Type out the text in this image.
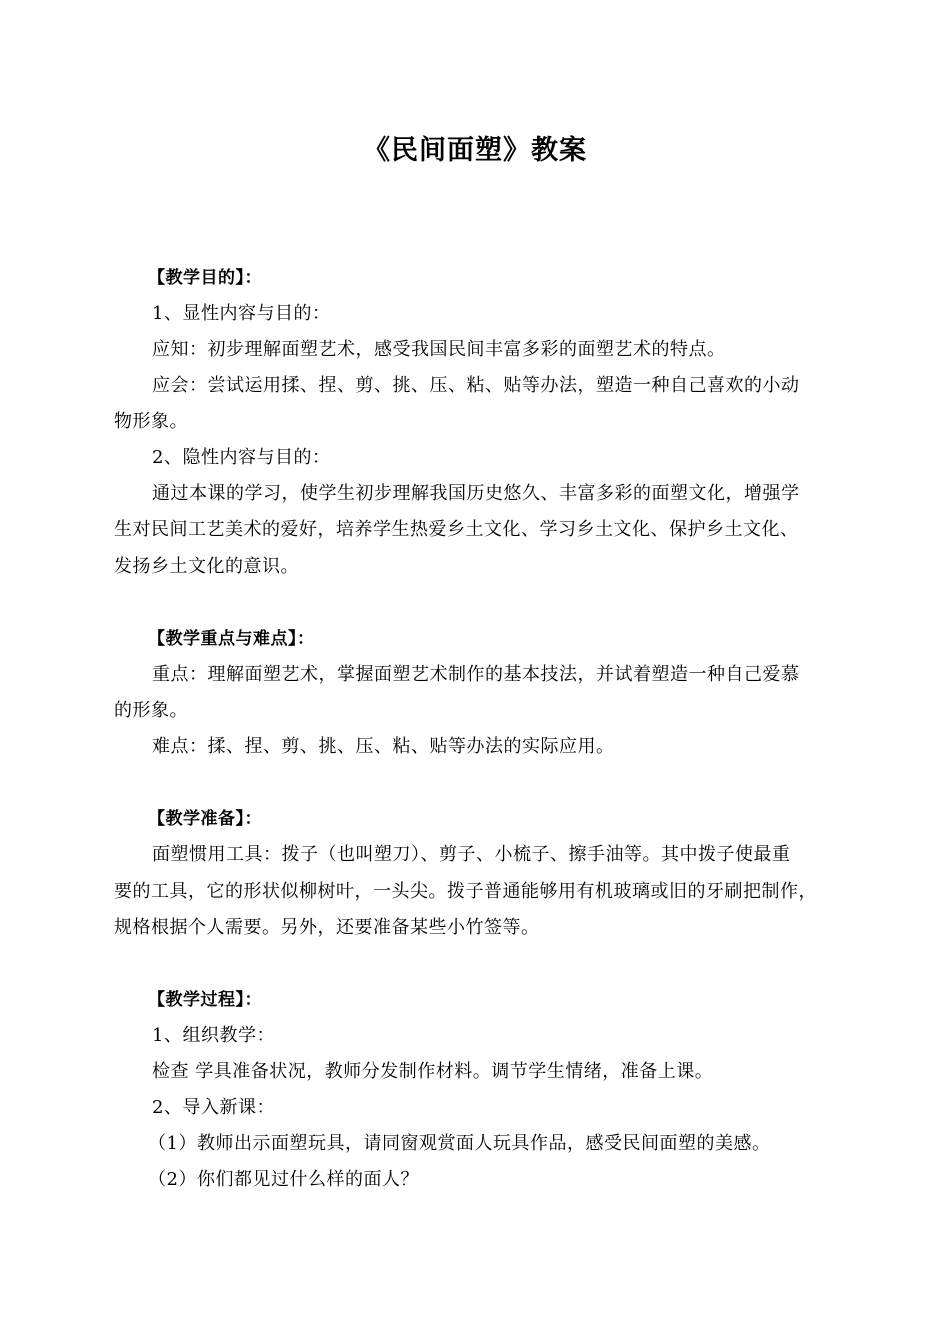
《民间面塑》教案
【教学目的】：
1、显性内容与目的：
应知：初步理解面塑艺术，感受我国民间丰富多彩的面塑艺术的特点。
应会：尝试运用揉、捏、剪、挑、压、粘、贴等办法，塑造一种自己喜欢的小动
物形象。
2、隐性内容与目的：
通过本课的学习，使学生初步理解我国历史悠久、丰富多彩的面塑文化，增强学
生对民间工艺美术的爱好，培养学生热爱乡土文化、学习乡土文化、保护乡土文化、
发扬乡土文化的意识。
【教学重点与难点】：
重点：理解面塑艺术，掌握面塑艺术制作的基本技法，并试着塑造一种自己爱慕
的形象。
难点：揉、捏、剪、挑、压、粘、贴等办法的实际应用。
【教学准备】：
面塑惯用工具：拨子（也叫塑刀）、剪子、小梳子、擦手油等。其中拨子使最重
要的工具，它的形状似柳树叶，一头尖。拨子普通能够用有机玻璃或旧的牙刷把制作，
规格根据个人需要。另外，还要准备某些小竹签等。
【教学过程】：
1、组织教学：
检查 学具准备状况，教师分发制作材料。调节学生情绪，准备上课。
2、导入新课：
（1）教师出示面塑玩具，请同窗观赏面人玩具作品，感受民间面塑的美感。
（2）你们都见过什么样的面人？
